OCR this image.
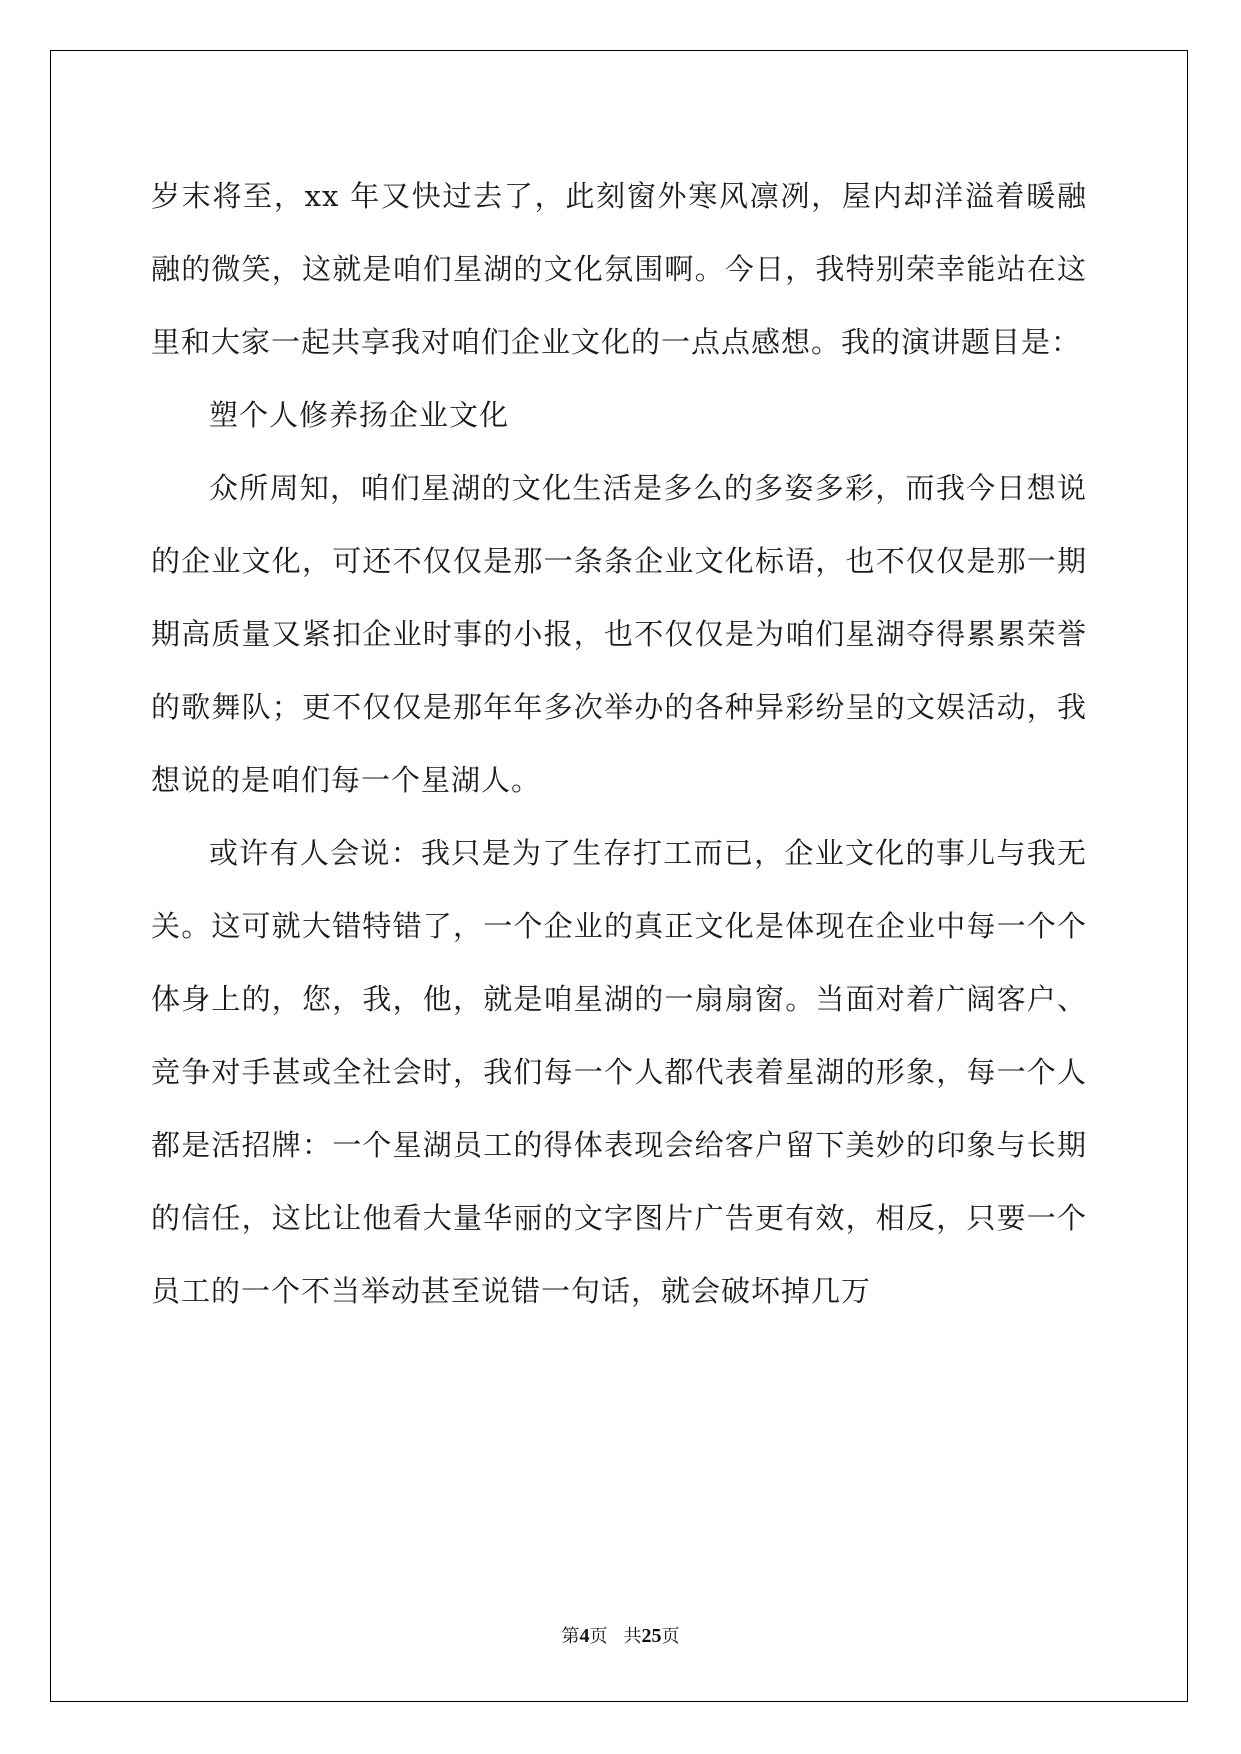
岁末将至，xx 年又快过去了，此刻窗外寒风凛冽，屋内却洋溢着暖融融的微笑，这就是咱们星湖的文化氛围啊。今日，我特别荣幸能站在这里和大家一起共享我对咱们企业文化的一点点感想。我的演讲题目是：

塑个人修养扬企业文化

众所周知，咱们星湖的文化生活是多么的多姿多彩，而我今日想说的企业文化，可还不仅仅是那一条条企业文化标语，也不仅仅是那一期期高质量又紧扣企业时事的小报，也不仅仅是为咱们星湖夺得累累荣誉的歌舞队；更不仅仅是那年年多次举办的各种异彩纷呈的文娱活动，我想说的是咱们每一个星湖人。

或许有人会说：我只是为了生存打工而已，企业文化的事儿与我无关。这可就大错特错了，一个企业的真正文化是体现在企业中每一个个体身上的，您，我，他，就是咱星湖的一扇扇窗。当面对着广阔客户、竞争对手甚或全社会时，我们每一个人都代表着星湖的形象，每一个人都是活招牌：一个星湖员工的得体表现会给客户留下美妙的印象与长期的信任，这比让他看大量华丽的文字图片广告更有效，相反，只要一个员工的一个不当举动甚至说错一句话，就会破坏掉几万

第4页 共25页
